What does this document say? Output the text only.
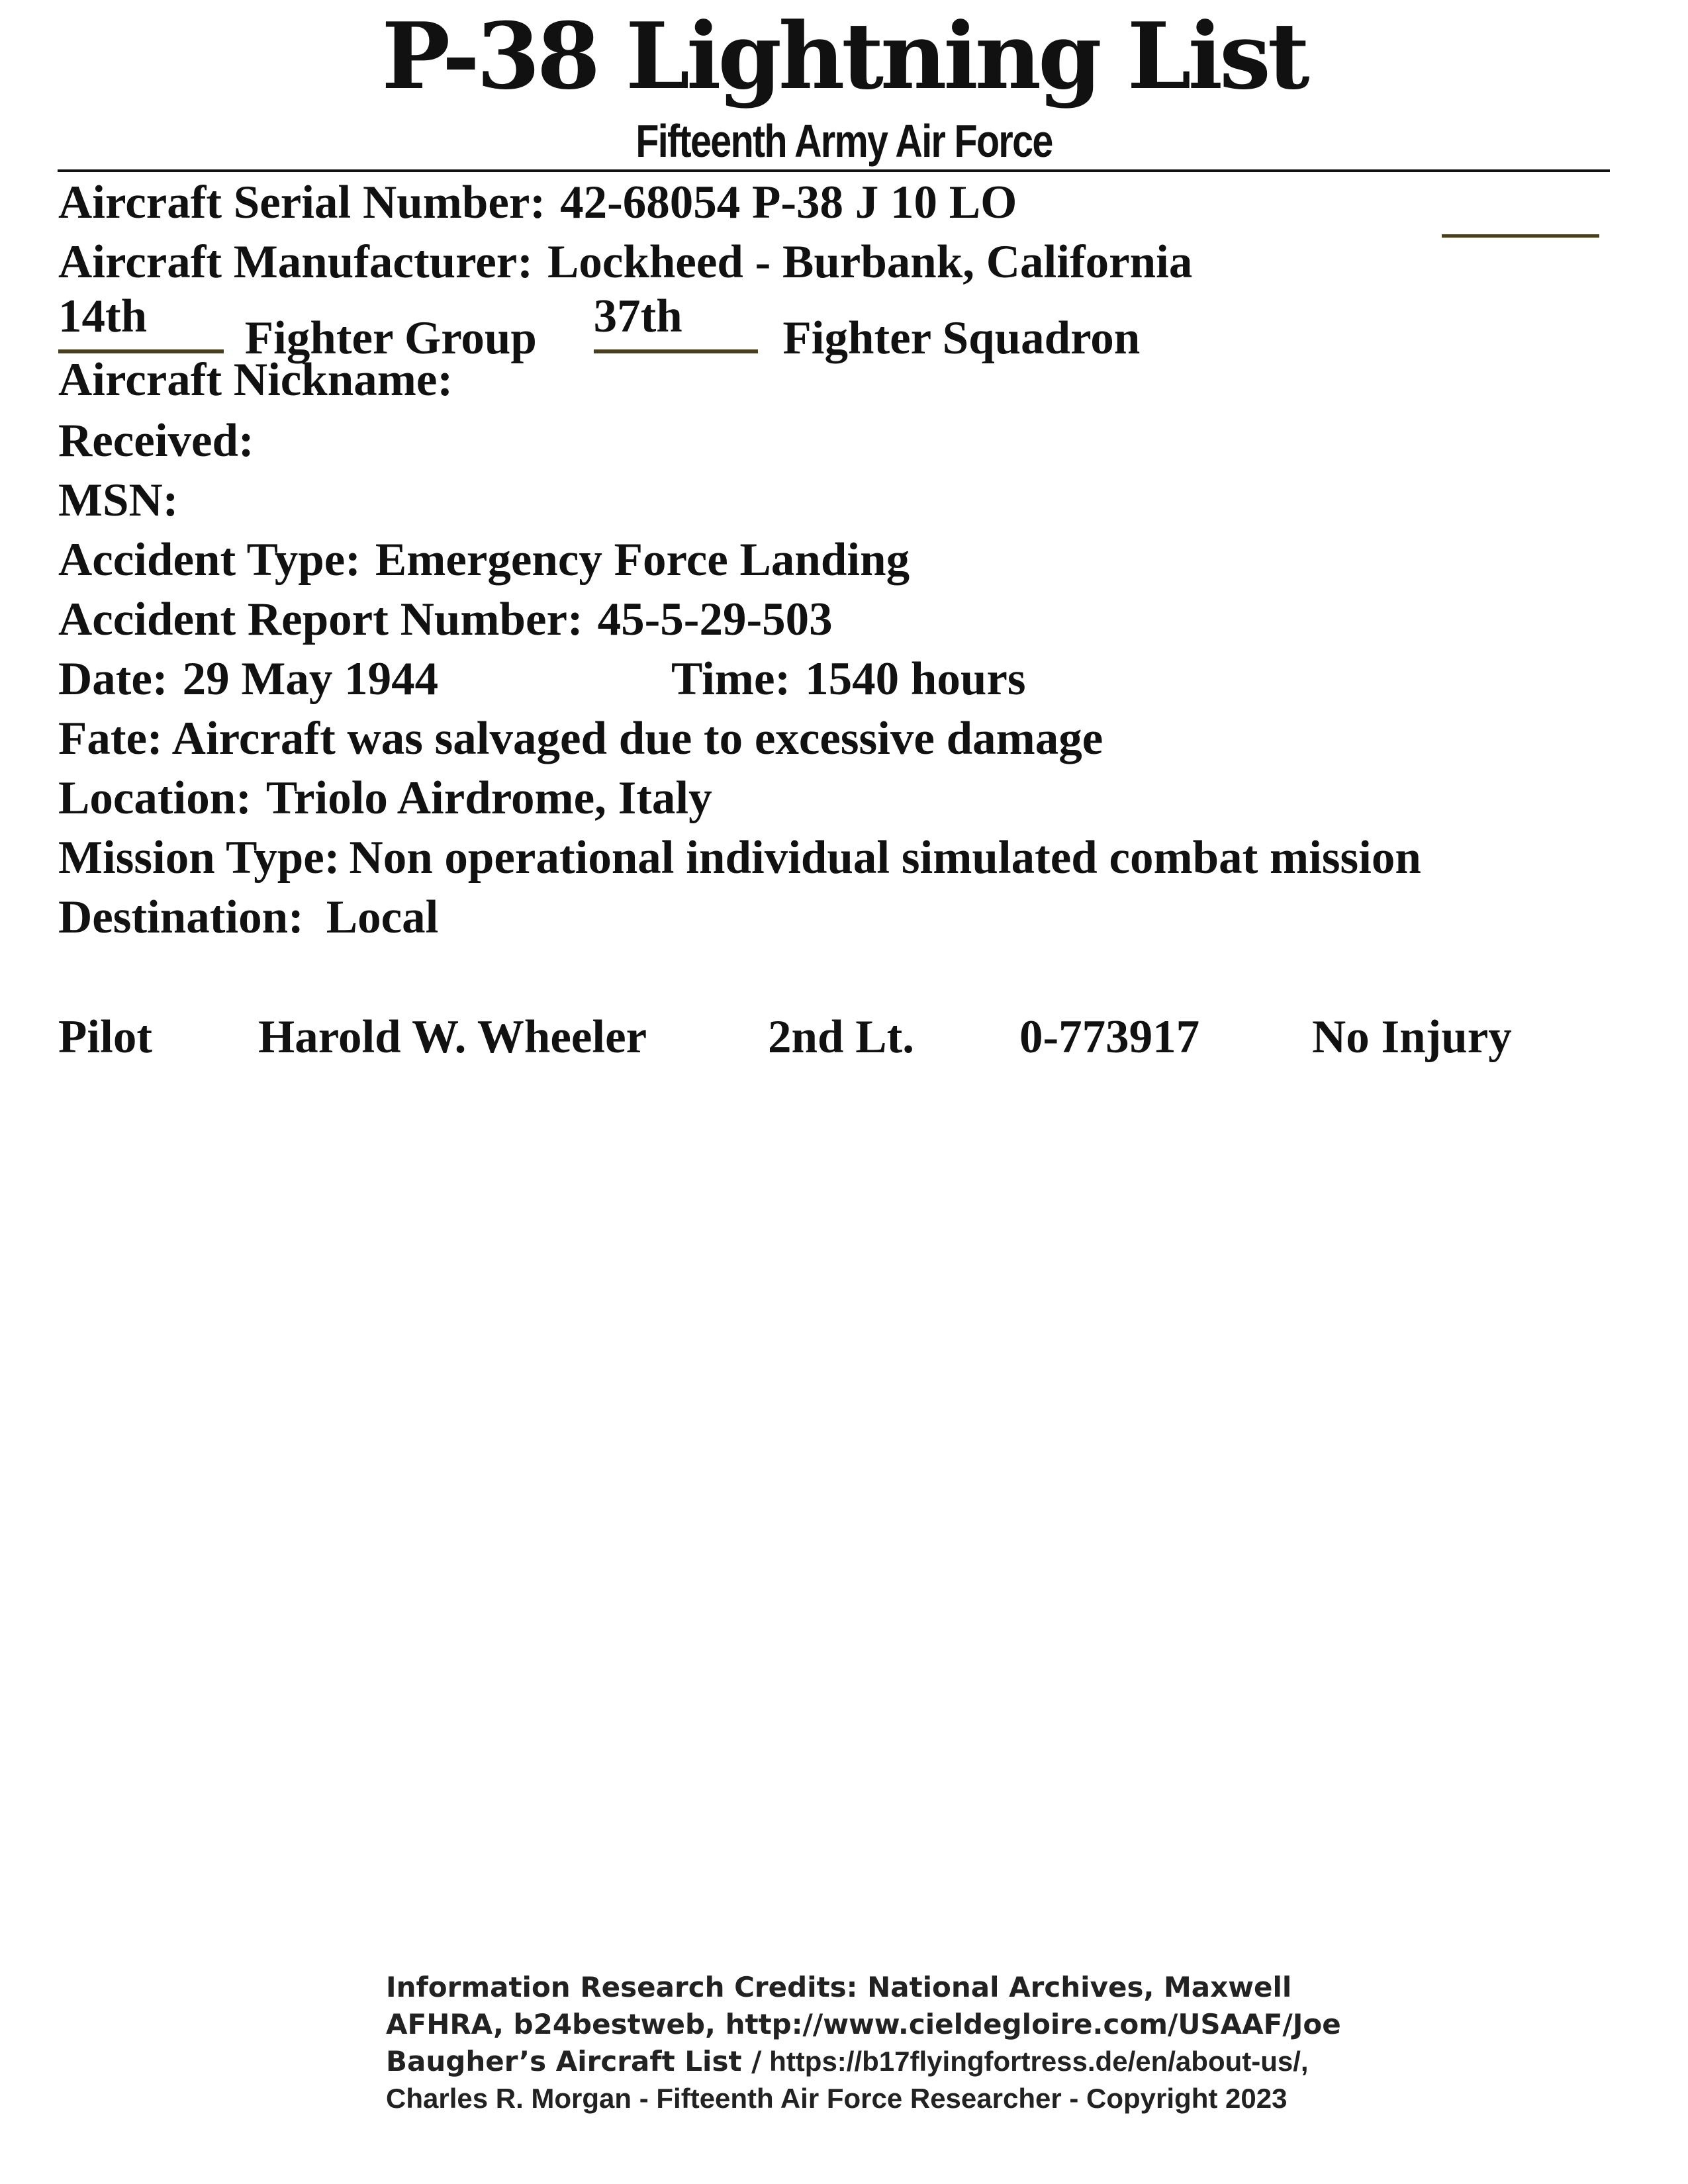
P-38 Lightning List
Fifteenth Army Air Force
Aircraft Serial Number: 42-68054 P-38 J 10 LO
Aircraft Manufacturer: Lockheed - Burbank, California
14th Fighter Group 37th Fighter Squadron
Aircraft Nickname:
Received:
MSN:
Accident Type: Emergency Force Landing
Accident Report Number: 45-5-29-503
Date: 29 May 1944	Time: 1540 hours
Fate: Aircraft was salvaged due to excessive damage
Location: Triolo Airdrome, Italy
Mission Type: Non operational individual simulated combat mission
Destination: Local
Pilot Harold W. Wheeler	2nd Lt. 0-773917 No Injury
Information Research Credits: National Archives, Maxwell AFHRA, b24bestweb, http://www.cieldegloire.com/USAAF/Joe Baugher’s Aircraft List / https://b17flyingfortress.de/en/about-us/, Charles R. Morgan - Fifteenth Air Force Researcher - Copyright 2023
